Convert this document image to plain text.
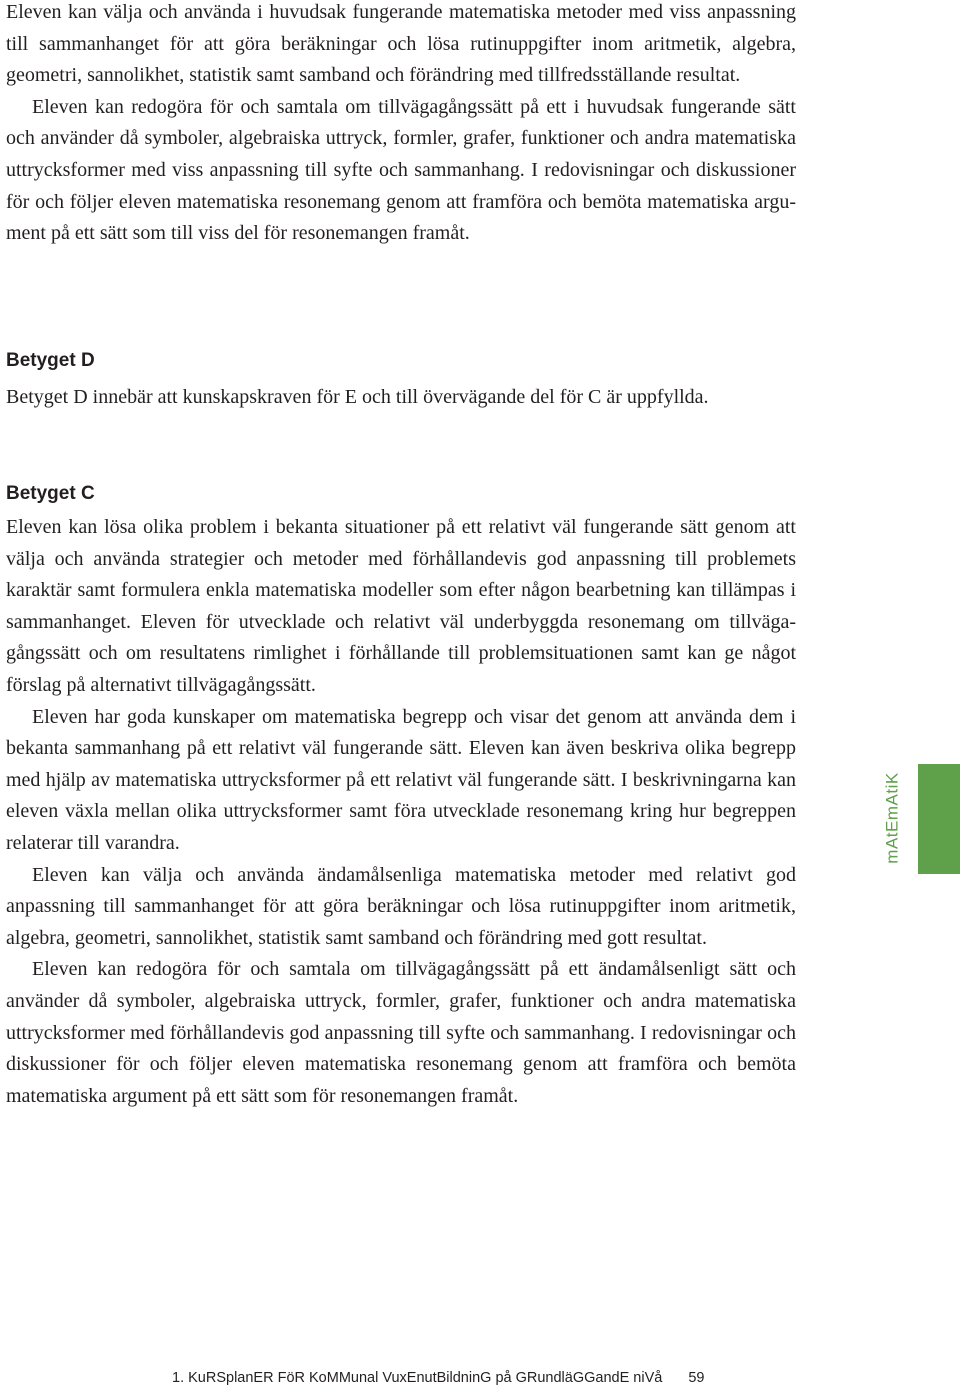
Eleven kan välja och använda i huvudsak fungerande matematiska metoder med viss anpassning till sammanhanget för att göra beräkningar och lösa rutinuppgifter inom aritmetik, algebra, geometri, sannolikhet, statistik samt samband och förändring med tillfredsställande resultat.

Eleven kan redogöra för och samtala om tillvägagångssätt på ett i huvudsak fungerande sätt och använder då symboler, algebraiska uttryck, formler, grafer, funktioner och andra matematiska uttrycksformer med viss anpassning till syfte och sammanhang. I redovisningar och diskussioner för och följer eleven matematiska resonemang genom att framföra och bemöta matematiska argument på ett sätt som till viss del för resonemangen framåt.

Betyget D

Betyget D innebär att kunskapskraven för E och till övervägande del för C är uppfyllda.

Betyget C

Eleven kan lösa olika problem i bekanta situationer på ett relativt väl fungerande sätt genom att välja och använda strategier och metoder med förhållandevis god anpassning till problemets karaktär samt formulera enkla matematiska modeller som efter någon bearbetning kan tillämpas i sammanhanget. Eleven för utvecklade och relativt väl underbyggda resonemang om tillvägagångssätt och om resultatens rimlighet i förhållande till problemsituationen samt kan ge något förslag på alternativt tillvägagångssätt.

Eleven har goda kunskaper om matematiska begrepp och visar det genom att använda dem i bekanta sammanhang på ett relativt väl fungerande sätt. Eleven kan även beskriva olika begrepp med hjälp av matematiska uttrycksformer på ett relativt väl fungerande sätt. I beskrivningarna kan eleven växla mellan olika uttrycksformer samt föra utvecklade resonemang kring hur begreppen relaterar till varandra.

Eleven kan välja och använda ändamålsenliga matematiska metoder med relativt god anpassning till sammanhanget för att göra beräkningar och lösa rutinuppgifter inom aritmetik, algebra, geometri, sannolikhet, statistik samt samband och förändring med gott resultat.

Eleven kan redogöra för och samtala om tillvägagångssätt på ett ändamålsenligt sätt och använder då symboler, algebraiska uttryck, formler, grafer, funktioner och andra matematiska uttrycksformer med förhållandevis god anpassning till syfte och sammanhang. I redovisningar och diskussioner för och följer eleven matematiska resonemang genom att framföra och bemöta matematiska argument på ett sätt som för resonemangen framåt.

mAtEmAtiK
1. KuRSplanER FöR KoMMunal VuxEnutBildninG på GRundläGGandE niVå 59
